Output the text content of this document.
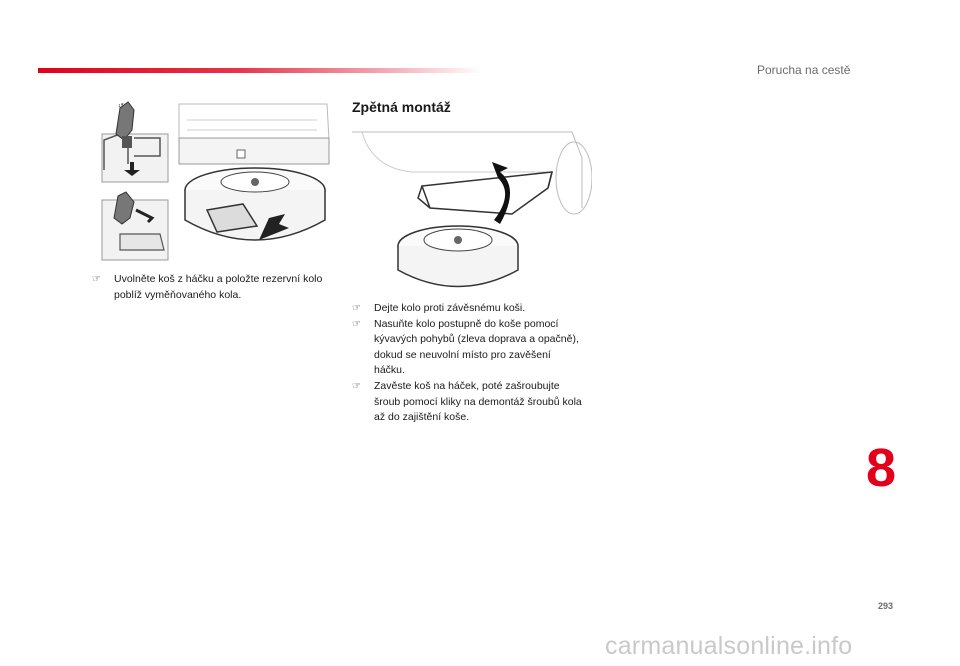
Porucha na cestě
↺	Zpětná montáž
☞ Uvolněte koš z háčku a položte rezervní kolo poblíž vyměňovaného kola.
☞ Dejte kolo proti závěsnému koši.
☞ Nasuňte kolo postupně do koše pomocí kývavých pohybů (zleva doprava a opačně), dokud se neuvolní místo pro zavěšení háčku.
☞ Zavěste koš na háček, poté zašroubujte šroub pomocí kliky na demontáž šroubů kola až do zajištění koše.
8
293
carmanualsonline.info
